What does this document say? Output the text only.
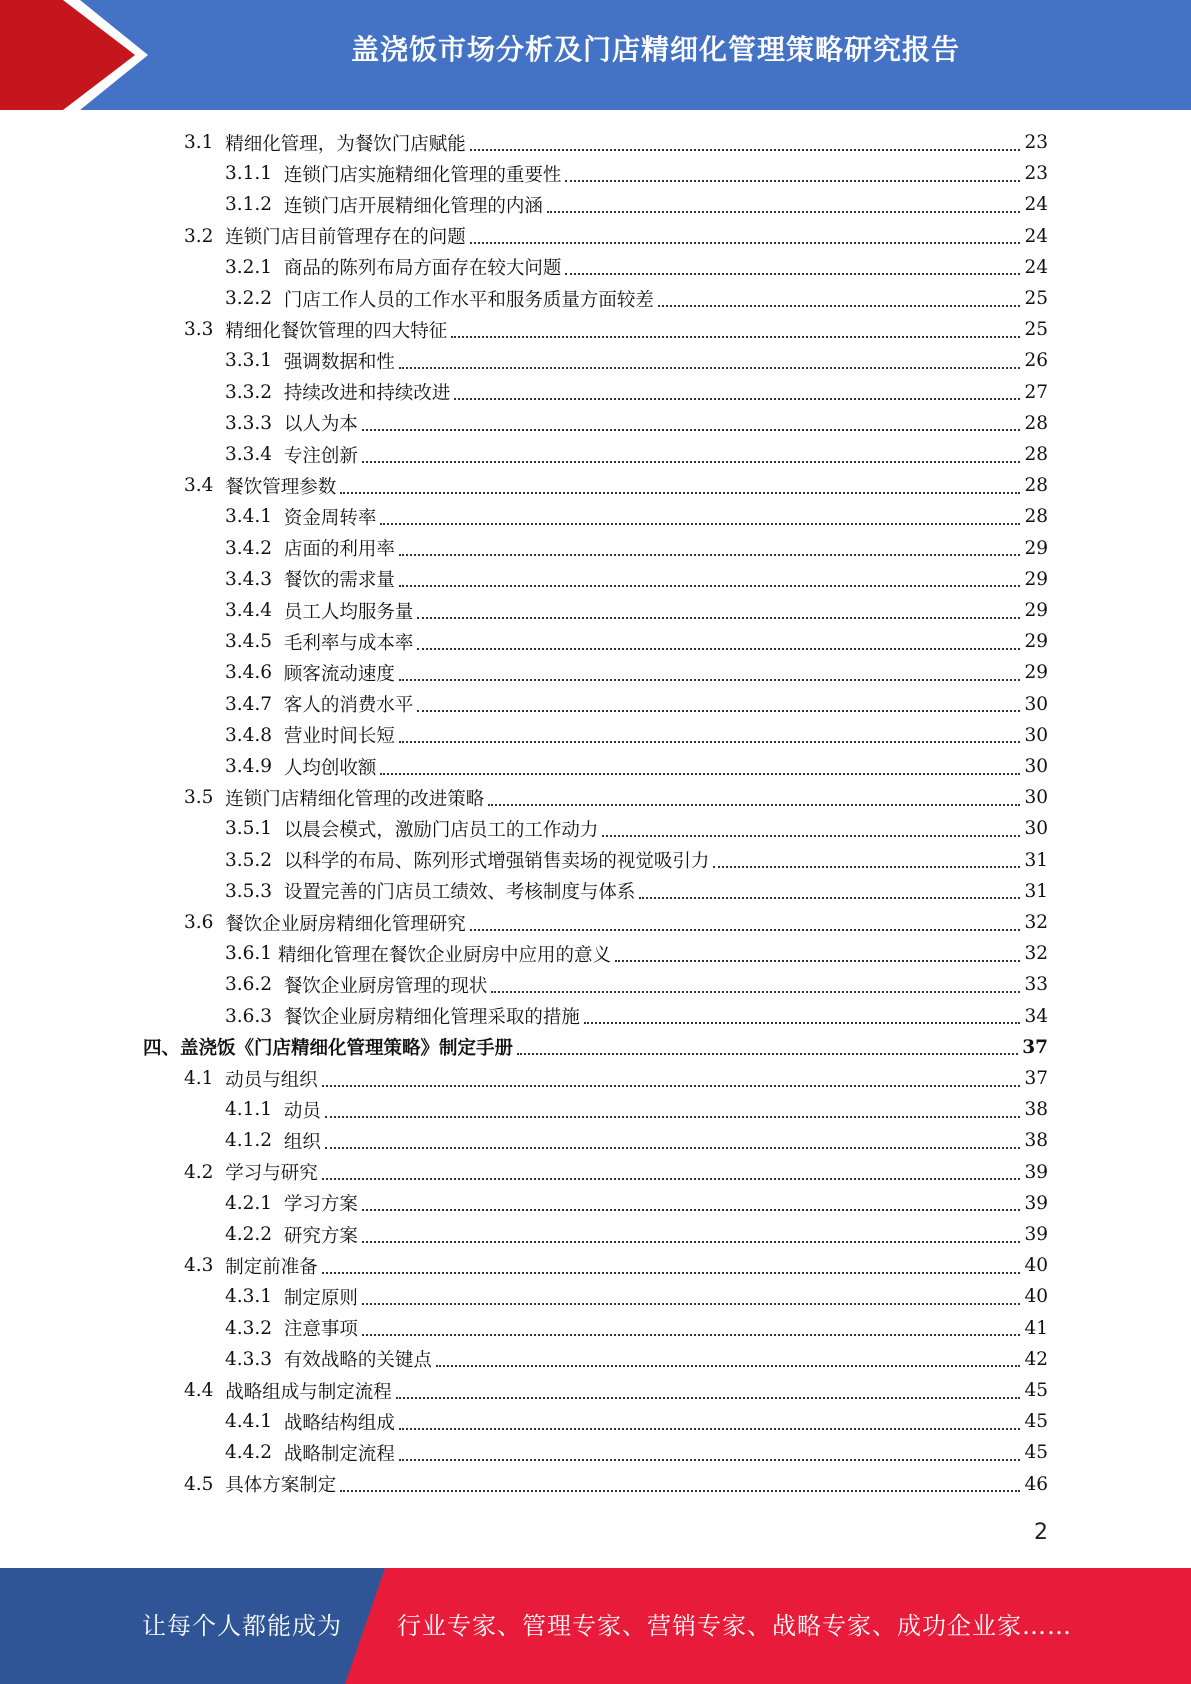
盖浇饭市场分析及门店精细化管理策略研究报告
3.1 精细化管理，为餐饮门店赋能	23
3.1.1 连锁门店实施精细化管理的重要性	23
3.1.2 连锁门店开展精细化管理的内涵	24
3.2 连锁门店目前管理存在的问题	24
3.2.1 商品的陈列布局方面存在较大问题	24
3.2.2 门店工作人员的工作水平和服务质量方面较差	25
3.3 精细化餐饮管理的四大特征	25
3.3.1 强调数据和性	26
3.3.2 持续改进和持续改进	27
3.3.3 以人为本	28
3.3.4 专注创新	28
3.4 餐饮管理参数	28
3.4.1 资金周转率	28
3.4.2 店面的利用率	29
3.4.3 餐饮的需求量	29
3.4.4 员工人均服务量	29
3.4.5 毛利率与成本率	29
3.4.6 顾客流动速度	29
3.4.7 客人的消费水平	30
3.4.8 营业时间长短	30
3.4.9 人均创收额	30
3.5 连锁门店精细化管理的改进策略	30
3.5.1 以晨会模式，激励门店员工的工作动力	30
3.5.2 以科学的布局、陈列形式增强销售卖场的视觉吸引力	31
3.5.3 设置完善的门店员工绩效、考核制度与体系	31
3.6 餐饮企业厨房精细化管理研究	32
3.6.1 精细化管理在餐饮企业厨房中应用的意义	32
3.6.2 餐饮企业厨房管理的现状	33
3.6.3 餐饮企业厨房精细化管理采取的措施	34
四、盖浇饭《门店精细化管理策略》制定手册	37
4.1 动员与组织	37
4.1.1 动员	38
4.1.2 组织	38
4.2 学习与研究	39
4.2.1 学习方案	39
4.2.2 研究方案	39
4.3 制定前准备	40
4.3.1 制定原则	40
4.3.2 注意事项	41
4.3.3 有效战略的关键点	42
4.4 战略组成与制定流程	45
4.4.1 战略结构组成	45
4.4.2 战略制定流程	45
4.5 具体方案制定	46
2
让每个人都能成为 行业专家、管理专家、营销专家、战略专家、成功企业家……
